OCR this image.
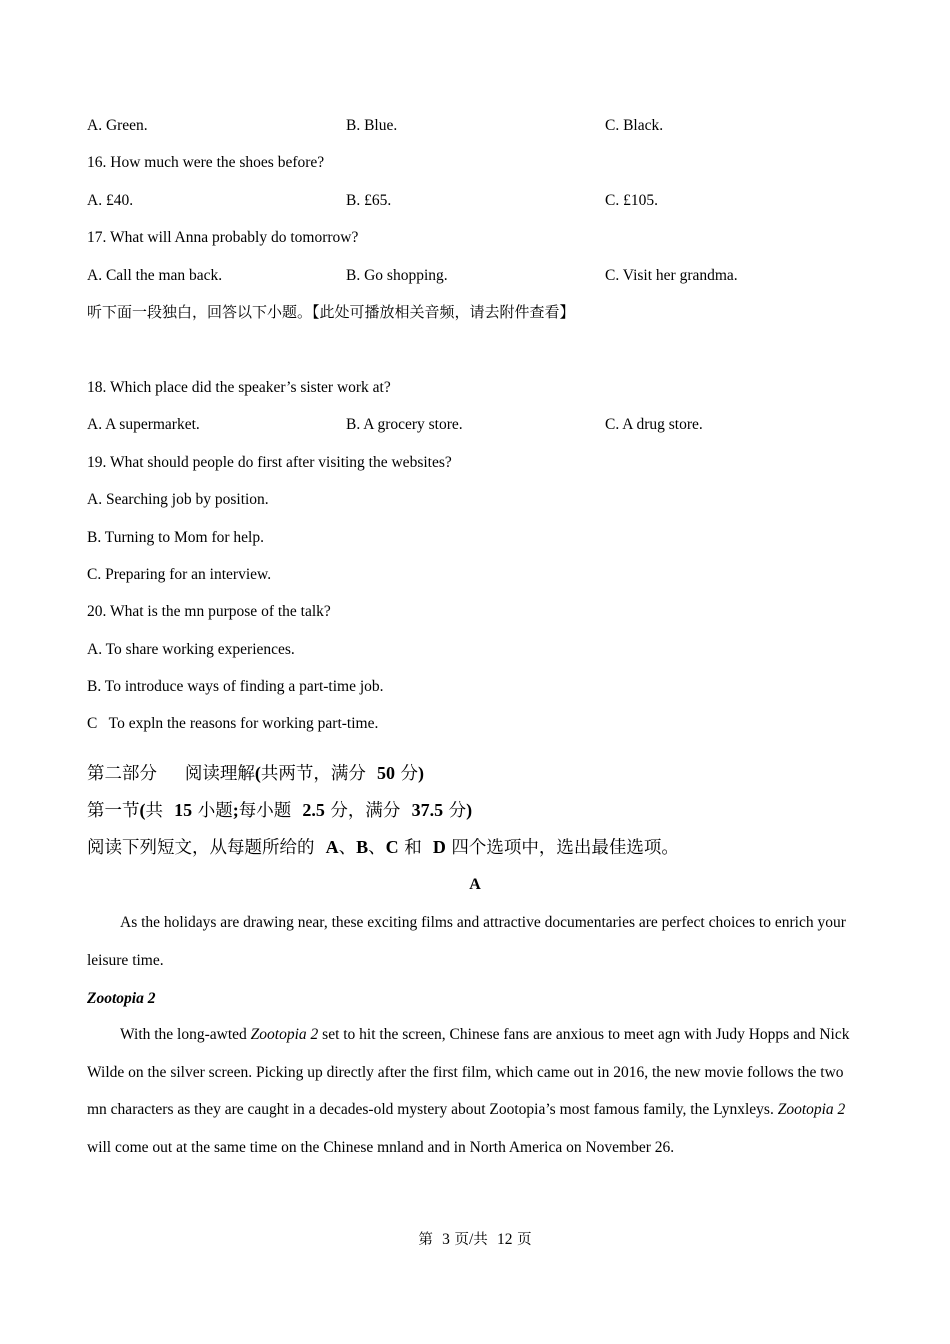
A. Green.	B. Blue.	C. Black.
16. How much were the shoes before?
A. £40.	B. £65.	C. £105.
17. What will Anna probably do tomorrow?
A. Call the man back.	B. Go shopping.	C. Visit her grandma.
听下面一段独白，回答以下小题。【此处可播放相关音频，请去附件查看】
18. Which place did the speaker’s sister work at?
A. A supermarket.	B. A grocery store.	C. A drug store.
19. What should people do first after visiting the websites?
A. Searching job by position.
B. Turning to Mom for help.
C. Preparing for an interview.
20. What is the mn purpose of the talk?
A. To share working experiences.
B. To introduce ways of finding a part-time job.
C   To expln the reasons for working part-time.
第二部分     阅读理解(共两节，满分  50 分)
第一节(共  15 小题;每小题  2.5 分，满分  37.5 分)
阅读下列短文，从每题所给的  A、B、C 和  D 四个选项中，选出最佳选项。
A
As the holidays are drawing near, these exciting films and attractive documentaries are perfect choices to enrich your leisure time.
Zootopia 2
With the long-awted Zootopia 2 set to hit the screen, Chinese fans are anxious to meet agn with Judy Hopps and Nick Wilde on the silver screen. Picking up directly after the first film, which came out in 2016, the new movie follows the two mn characters as they are caught in a decades-old mystery about Zootopia’s most famous family, the Lynxleys. Zootopia 2 will come out at the same time on the Chinese mnland and in North America on November 26.
第  3 页/共  12 页
